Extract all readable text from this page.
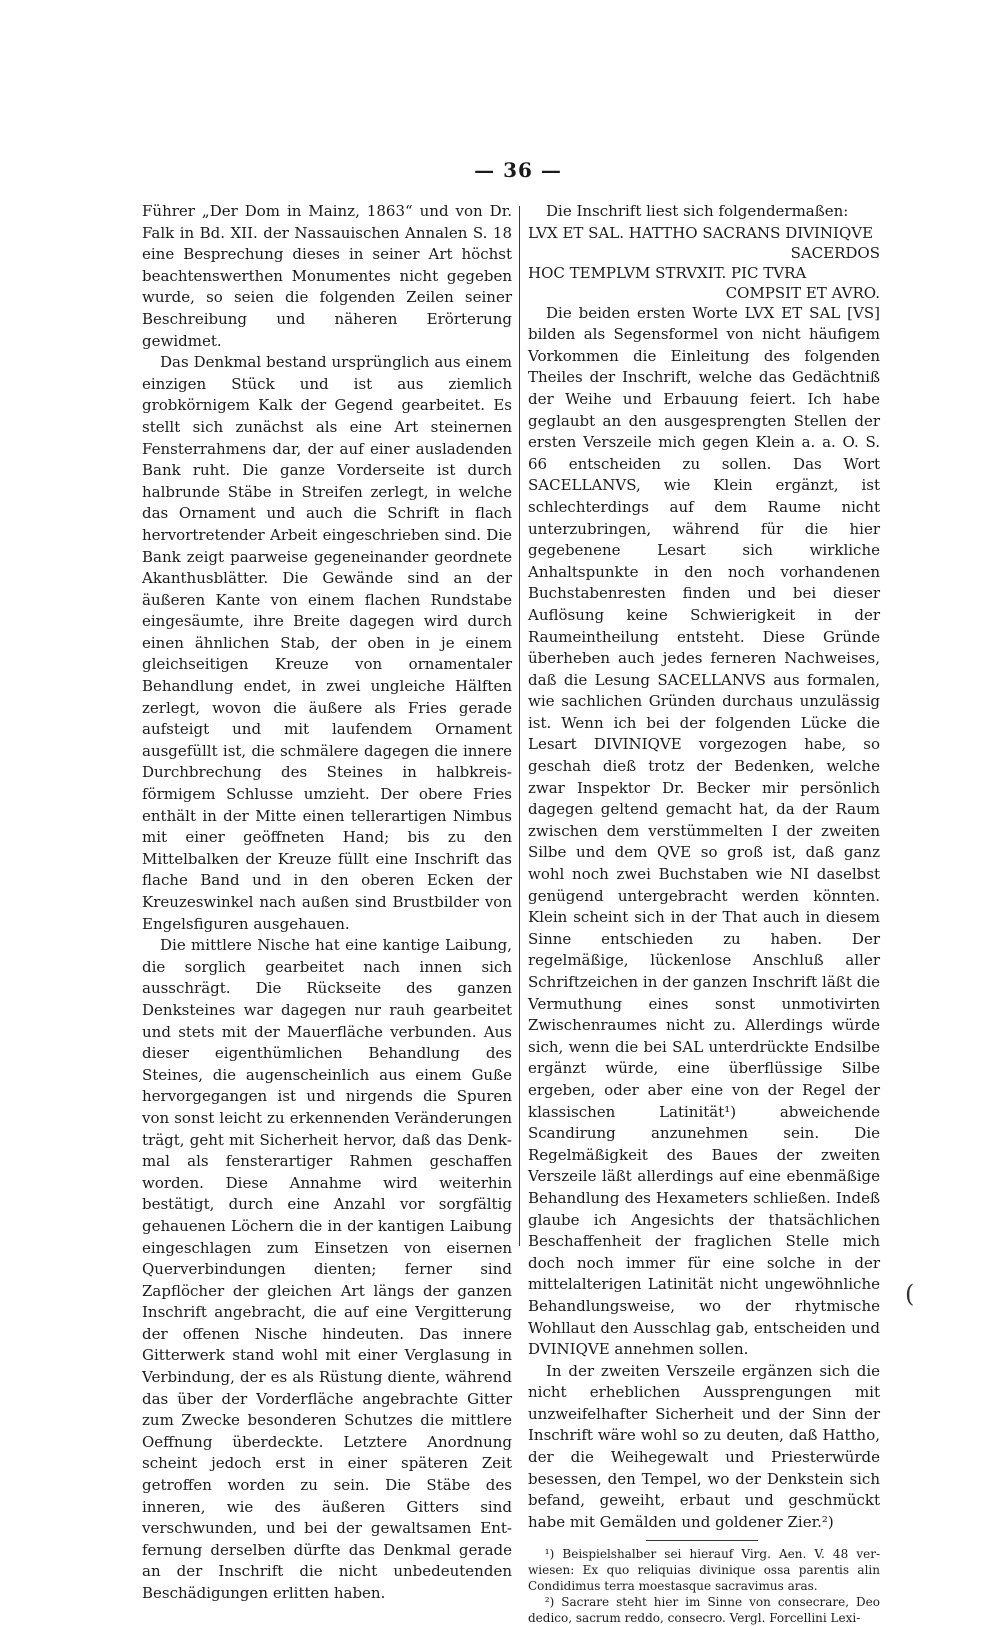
— 36 —

Führer „Der Dom in Mainz, 1863“ und von Dr. Falk in Bd. XII. der Nassauischen Annalen S. 18 eine Besprechung dieses in seiner Art höchst beachtenswerthen Monumentes nicht gegeben wurde, so seien die folgenden Zeilen seiner Beschreibung und näheren Erörterung gewidmet.

Das Denkmal bestand ursprünglich aus einem einzigen Stück und ist aus ziemlich grobkörnigem Kalk der Gegend gearbeitet. Es stellt sich zunächst als eine Art steinernen Fensterrahmens dar, der auf einer ausladenden Bank ruht. Die ganze Vorderseite ist durch halbrunde Stäbe in Streifen zerlegt, in welche das Ornament und auch die Schrift in flach hervortretender Arbeit eingeschrieben sind. Die Bank zeigt paarweise gegeneinander geordnete Akanthusblätter. Die Gewände sind an der äußeren Kante von einem flachen Rundstabe eingesäumte, ihre Breite dagegen wird durch einen ähnlichen Stab, der oben in je einem gleichseitigen Kreuze von ornamentaler Behandlung endet, in zwei ungleiche Hälften zerlegt, wovon die äußere als Fries gerade aufsteigt und mit laufendem Ornament ausgefüllt ist, die schmälere dagegen die innere Durchbrechung des Steines in halbkreisförmigem Schlusse umzieht. Der obere Fries enthält in der Mitte einen tellerartigen Nimbus mit einer geöffneten Hand; bis zu den Mittelbalken der Kreuze füllt eine Inschrift das flache Band und in den oberen Ecken der Kreuzeswinkel nach außen sind Brustbilder von Engelsfiguren ausgehauen.

Die mittlere Nische hat eine kantige Laibung, die sorglich gearbeitet nach innen sich ausschrägt. Die Rückseite des ganzen Denksteines war dagegen nur rauh gearbeitet und stets mit der Mauerfläche verbunden. Aus dieser eigenthümlichen Behandlung des Steines, die augenscheinlich aus einem Guße hervorgegangen ist und nirgends die Spuren von sonst leicht zu erkennenden Veränderungen trägt, geht mit Sicherheit hervor, daß das Denkmal als fensterartiger Rahmen geschaffen worden. Diese Annahme wird weiterhin bestätigt, durch eine Anzahl vor sorgfältig gehauenen Löchern die in der kantigen Laibung eingeschlagen zum Einsetzen von eisernen Querverbindungen dienten; ferner sind Zapflöcher der gleichen Art längs der ganzen Inschrift angebracht, die auf eine Vergitterung der offenen Nische hindeuten. Das innere Gitterwerk stand wohl mit einer Verglasung in Verbindung, der es als Rüstung diente, während das über der Vorderfläche angebrachte Gitter zum Zwecke besonderen Schutzes die mittlere Oeffnung überdeckte. Letztere Anordnung scheint jedoch erst in einer späteren Zeit getroffen worden zu sein. Die Stäbe des inneren, wie des äußeren Gitters sind verschwunden, und bei der gewaltsamen Entfernung derselben dürfte das Denkmal gerade an der Inschrift die nicht unbedeutenden Beschädigungen erlitten haben.

Die Inschrift liest sich folgendermaßen:

LVX ET SAL. HATTHO SACRANS DIVINIQVE

SACERDOS

HOC TEMPLVM STRVXIT. PIC TVRA

COMPSIT ET AVRO.

Die beiden ersten Worte LVX ET SAL [VS] bilden als Segensformel von nicht häufigem Vorkommen die Einleitung des folgenden Theiles der Inschrift, welche das Gedächtniß der Weihe und Erbauung feiert. Ich habe geglaubt an den ausgesprengten Stellen der ersten Verszeile mich gegen Klein a. a. O. S. 66 entscheiden zu sollen. Das Wort SACELLANVS, wie Klein ergänzt, ist schlechterdings auf dem Raume nicht unterzubringen, während für die hier gegebenene Lesart sich wirkliche Anhaltspunkte in den noch vorhandenen Buchstabenresten finden und bei dieser Auflösung keine Schwierigkeit in der Raumeintheilung entsteht. Diese Gründe überheben auch jedes ferneren Nachweises, daß die Lesung SACELLANVS aus formalen, wie sachlichen Gründen durchaus unzulässig ist. Wenn ich bei der folgenden Lücke die Lesart DIVINIQVE vorgezogen habe, so geschah dieß trotz der Bedenken, welche zwar Inspektor Dr. Becker mir persönlich dagegen geltend gemacht hat, da der Raum zwischen dem verstümmelten I der zweiten Silbe und dem QVE so groß ist, daß ganz wohl noch zwei Buchstaben wie NI daselbst genügend untergebracht werden könnten. Klein scheint sich in der That auch in diesem Sinne entschieden zu haben. Der regelmäßige, lückenlose Anschluß aller Schriftzeichen in der ganzen Inschrift läßt die Vermuthung eines sonst unmotivirten Zwischenraumes nicht zu. Allerdings würde sich, wenn die bei SAL unterdrückte Endsilbe ergänzt würde, eine überflüssige Silbe ergeben, oder aber eine von der Regel der klassischen Latinität¹) abweichende Scandirung anzunehmen sein. Die Regelmäßigkeit des Baues der zweiten Verszeile läßt allerdings auf eine ebenmäßige Behandlung des Hexameters schließen. Indeß glaube ich Angesichts der thatsächlichen Beschaffenheit der fraglichen Stelle mich doch noch immer für eine solche in der mittelalterigen Latinität nicht ungewöhnliche Behandlungsweise, wo der rhytmische Wohllaut den Ausschlag gab, entscheiden und DVINIQVE annehmen sollen.

In der zweiten Verszeile ergänzen sich die nicht erheblichen Aussprengungen mit unzweifelhafter Sicherheit und der Sinn der Inschrift wäre wohl so zu deuten, daß Hattho, der die Weihegewalt und Priesterwürde besessen, den Tempel, wo der Denkstein sich befand, geweiht, erbaut und geschmückt habe mit Gemälden und goldener Zier.²)

¹) Beispielshalber sei hierauf Virg. Aen. V. 48 verwiesen: Ex quo reliquias divinique ossa parentis alin Condidimus terra moestasque sacravimus aras.

²) Sacrare steht hier im Sinne von consecrare, Deo dedico, sacrum reddo, consecro. Vergl. Forcellini Lexi-

(
